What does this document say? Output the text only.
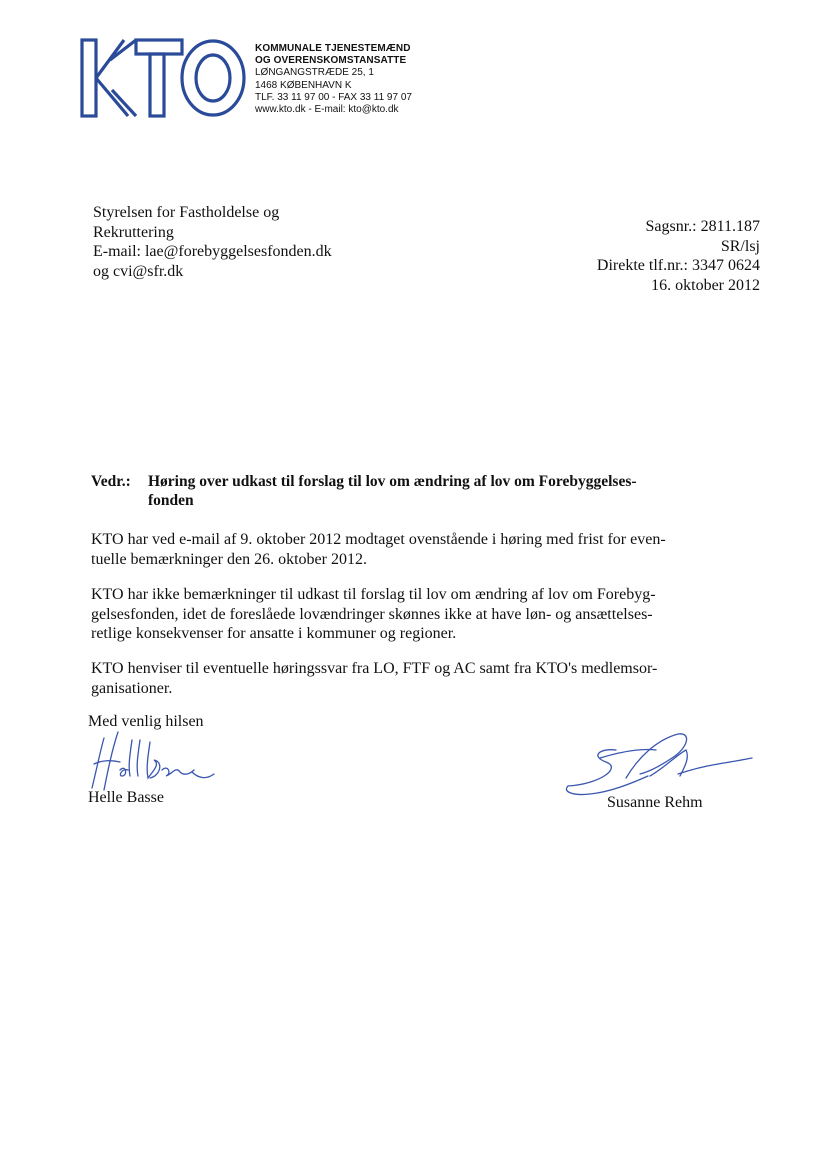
KOMMUNALE TJENESTEMÆND
OG OVERENSKOMSTANSATTE
LØNGANGSTRÆDE 25, 1
1468 KØBENHAVN K
TLF. 33 11 97 00 - FAX 33 11 97 07
www.kto.dk - E-mail: kto@kto.dk
Styrelsen for Fastholdelse og
Rekruttering
E-mail: lae@forebyggelsesfonden.dk
og cvi@sfr.dk
Sagsnr.: 2811.187
SR/lsj
Direkte tlf.nr.: 3347 0624
16. oktober 2012
Vedr.: Høring over udkast til forslag til lov om ændring af lov om Forebyggelses-
fonden
KTO har ved e-mail af 9. oktober 2012 modtaget ovenstående i høring med frist for even-
tuelle bemærkninger den 26. oktober 2012.
KTO har ikke bemærkninger til udkast til forslag til lov om ændring af lov om Forebyg-
gelsesfonden, idet de foreslåede lovændringer skønnes ikke at have løn- og ansættelses-
retlige konsekvenser for ansatte i kommuner og regioner.
KTO henviser til eventuelle høringssvar fra LO, FTF og AC samt fra KTO's medlemsor-
ganisationer.
Med venlig hilsen
Helle Basse	Susanne Rehm
